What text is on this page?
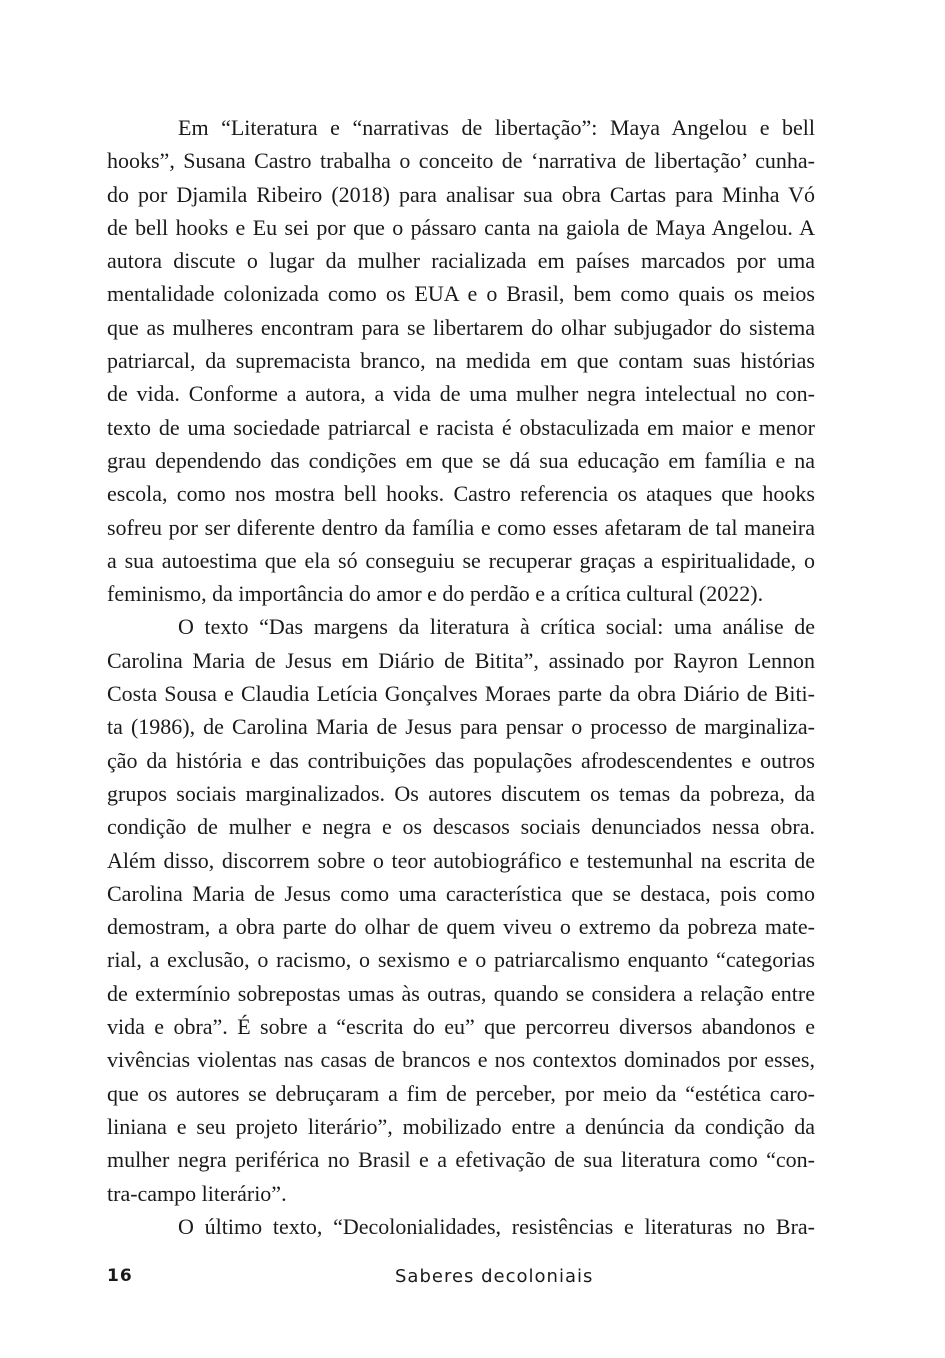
Em “Literatura e “narrativas de libertação”: Maya Angelou e bell
hooks”, Susana Castro trabalha o conceito de ‘narrativa de libertação’ cunha-
do por Djamila Ribeiro (2018) para analisar sua obra Cartas para Minha Vó
de bell hooks e Eu sei por que o pássaro canta na gaiola de Maya Angelou. A
autora discute o lugar da mulher racializada em países marcados por uma
mentalidade colonizada como os EUA e o Brasil, bem como quais os meios
que as mulheres encontram para se libertarem do olhar subjugador do sistema
patriarcal, da supremacista branco, na medida em que contam suas histórias
de vida. Conforme a autora, a vida de uma mulher negra intelectual no con-
texto de uma sociedade patriarcal e racista é obstaculizada em maior e menor
grau dependendo das condições em que se dá sua educação em família e na
escola, como nos mostra bell hooks. Castro referencia os ataques que hooks
sofreu por ser diferente dentro da família e como esses afetaram de tal maneira
a sua autoestima que ela só conseguiu se recuperar graças a espiritualidade, o
feminismo, da importância do amor e do perdão e a crítica cultural (2022).
O texto “Das margens da literatura à crítica social: uma análise de
Carolina Maria de Jesus em Diário de Bitita”, assinado por Rayron Lennon
Costa Sousa e Claudia Letícia Gonçalves Moraes parte da obra Diário de Biti-
ta (1986), de Carolina Maria de Jesus para pensar o processo de marginaliza-
ção da história e das contribuições das populações afrodescendentes e outros
grupos sociais marginalizados. Os autores discutem os temas da pobreza, da
condição de mulher e negra e os descasos sociais denunciados nessa obra.
Além disso, discorrem sobre o teor autobiográfico e testemunhal na escrita de
Carolina Maria de Jesus como uma característica que se destaca, pois como
demostram, a obra parte do olhar de quem viveu o extremo da pobreza mate-
rial, a exclusão, o racismo, o sexismo e o patriarcalismo enquanto “categorias
de extermínio sobrepostas umas às outras, quando se considera a relação entre
vida e obra”. É sobre a “escrita do eu” que percorreu diversos abandonos e
vivências violentas nas casas de brancos e nos contextos dominados por esses,
que os autores se debruçaram a fim de perceber, por meio da “estética caro-
liniana e seu projeto literário”, mobilizado entre a denúncia da condição da
mulher negra periférica no Brasil e a efetivação de sua literatura como “con-
tra-campo literário”.
O último texto, “Decolonialidades, resistências e literaturas no Bra-
16	Saberes decoloniais
